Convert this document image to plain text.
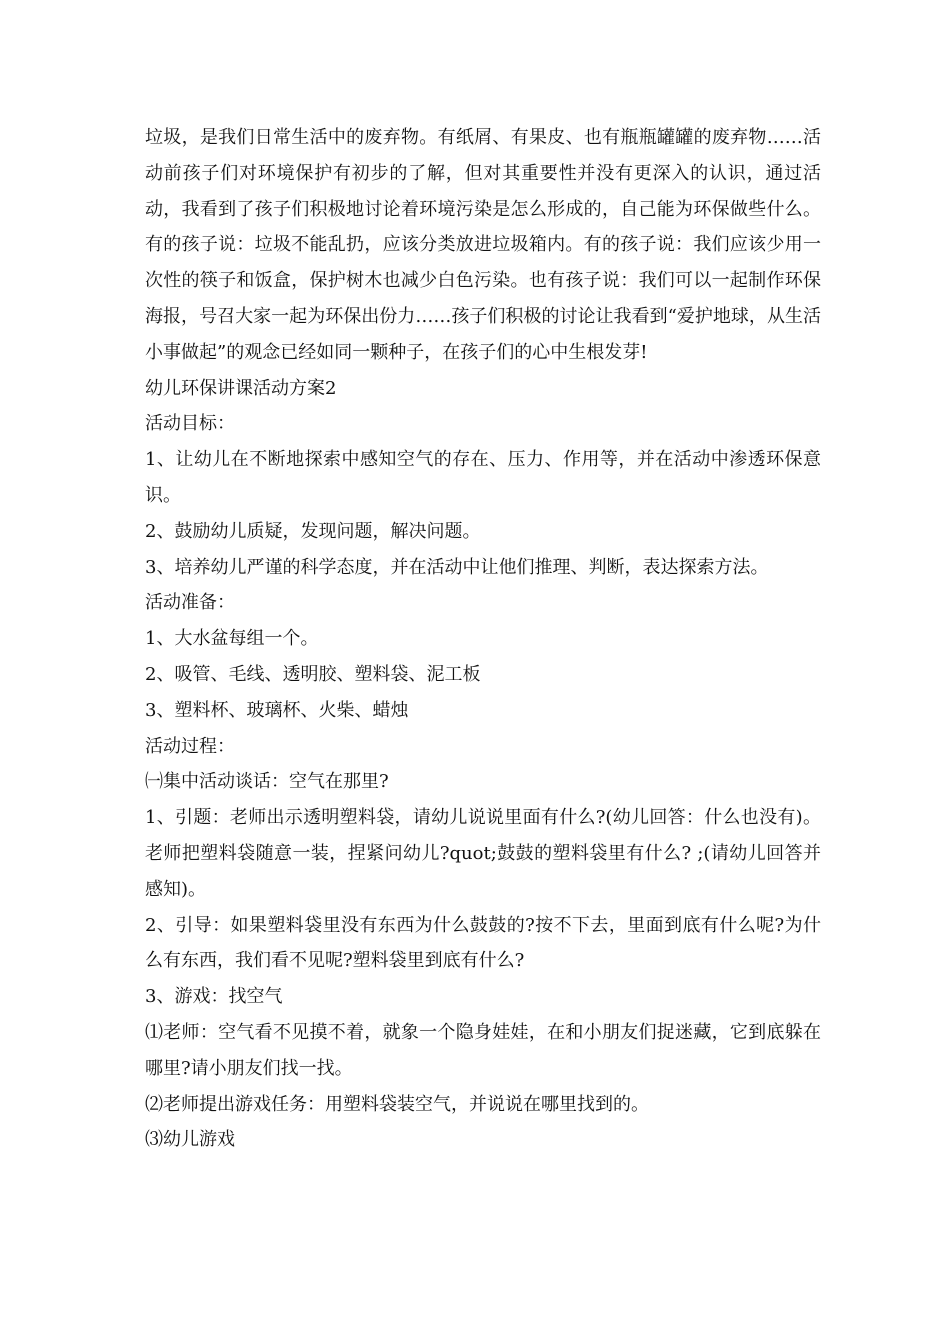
垃圾，是我们日常生活中的废弃物。有纸屑、有果皮、也有瓶瓶罐罐的废弃物……活动前孩子们对环境保护有初步的了解，但对其重要性并没有更深入的认识，通过活动，我看到了孩子们积极地讨论着环境污染是怎么形成的，自己能为环保做些什么。有的孩子说：垃圾不能乱扔，应该分类放进垃圾箱内。有的孩子说：我们应该少用一次性的筷子和饭盒，保护树木也减少白色污染。也有孩子说：我们可以一起制作环保海报，号召大家一起为环保出份力……孩子们积极的讨论让我看到“爱护地球，从生活小事做起”的观念已经如同一颗种子，在孩子们的心中生根发芽!

幼儿环保讲课活动方案2

活动目标：

1、让幼儿在不断地探索中感知空气的存在、压力、作用等，并在活动中渗透环保意识。

2、鼓励幼儿质疑，发现问题，解决问题。

3、培养幼儿严谨的科学态度，并在活动中让他们推理、判断，表达探索方法。

活动准备：

1、大水盆每组一个。

2、吸管、毛线、透明胶、塑料袋、泥工板

3、塑料杯、玻璃杯、火柴、蜡烛

活动过程：

㈠集中活动谈话：空气在那里?

1、引题：老师出示透明塑料袋，请幼儿说说里面有什么?(幼儿回答：什么也没有)。老师把塑料袋随意一装，捏紧问幼儿?quot;鼓鼓的塑料袋里有什么? ;(请幼儿回答并感知)。

2、引导：如果塑料袋里没有东西为什么鼓鼓的?按不下去，里面到底有什么呢?为什么有东西，我们看不见呢?塑料袋里到底有什么?

3、游戏：找空气

⑴老师：空气看不见摸不着，就象一个隐身娃娃，在和小朋友们捉迷藏，它到底躲在哪里?请小朋友们找一找。

⑵老师提出游戏任务：用塑料袋装空气，并说说在哪里找到的。

⑶幼儿游戏
